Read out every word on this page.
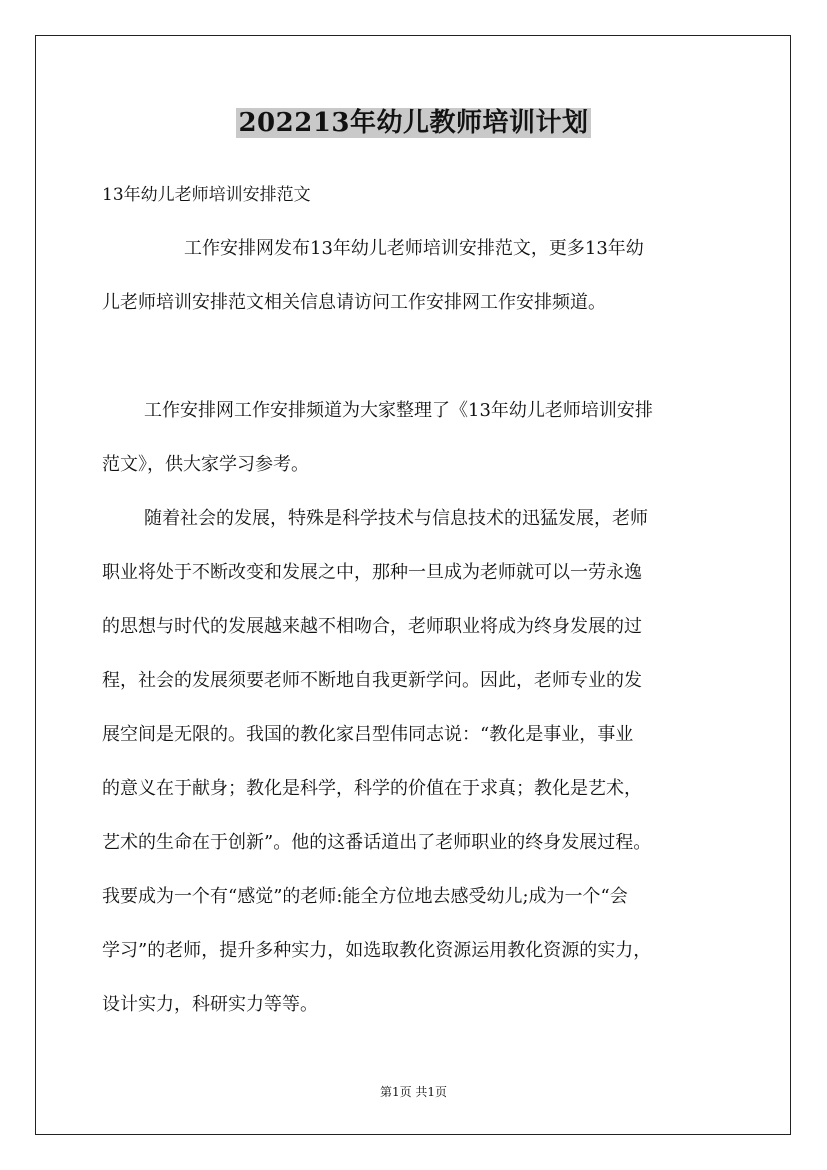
202213年幼儿教师培训计划

13年幼儿老师培训安排范文

工作安排网发布13年幼儿老师培训安排范文，更多13年幼
儿老师培训安排范文相关信息请访问工作安排网工作安排频道。

工作安排网工作安排频道为大家整理了《13年幼儿老师培训安排
范文》，供大家学习参考。

随着社会的发展，特殊是科学技术与信息技术的迅猛发展，老师
职业将处于不断改变和发展之中，那种一旦成为老师就可以一劳永逸
的思想与时代的发展越来越不相吻合，老师职业将成为终身发展的过
程，社会的发展须要老师不断地自我更新学问。因此，老师专业的发
展空间是无限的。我国的教化家吕型伟同志说：“教化是事业，事业
的意义在于献身；教化是科学，科学的价值在于求真；教化是艺术，
艺术的生命在于创新”。他的这番话道出了老师职业的终身发展过程。
我要成为一个有“感觉”的老师:能全方位地去感受幼儿;成为一个“会
学习”的老师，提升多种实力，如选取教化资源运用教化资源的实力，
设计实力，科研实力等等。

第1页 共1页
